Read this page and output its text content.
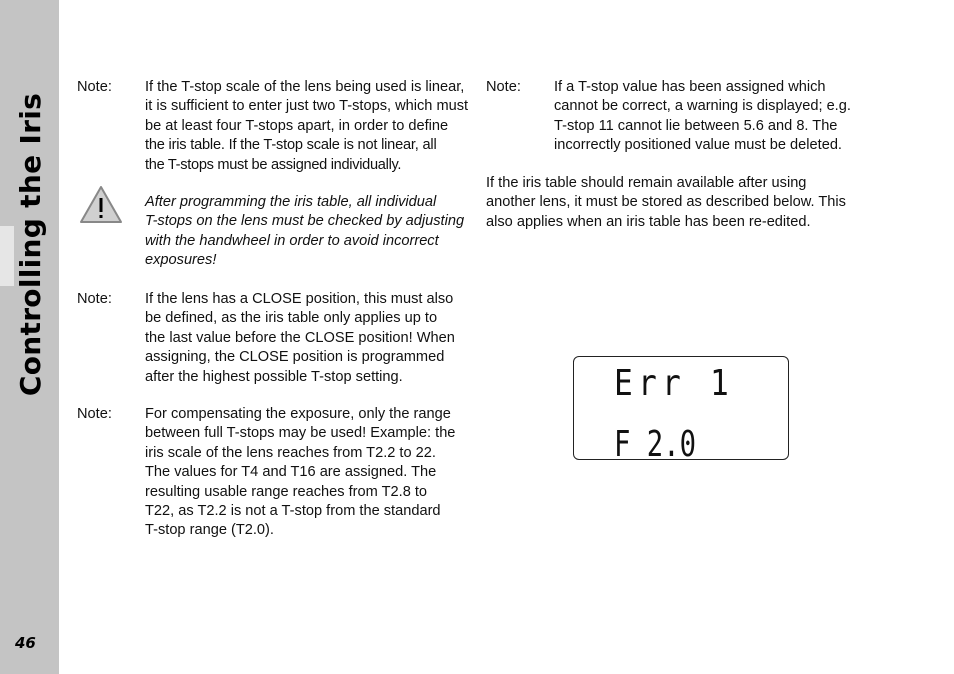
Controlling the Iris
46
Note:	If the T-stop scale of the lens being used is linear,
it is sufficient to enter just two T-stops, which must
be at least four T-stops apart, in order to define
the iris table. If the T-stop scale is not linear, all
the T-stops must be assigned individually.
After programming the iris table, all individual
T-stops on the lens must be checked by adjusting
with the handwheel in order to avoid incorrect
exposures!
Note:	If the lens has a CLOSE position, this must also
be defined, as the iris table only applies up to
the last value before the CLOSE position! When
assigning, the CLOSE position is programmed
after the highest possible T-stop setting.
Note:	For compensating the exposure, only the range
between full T-stops may be used! Example: the
iris scale of the lens reaches from T2.2 to 22.
The values for T4 and T16 are assigned. The
resulting usable range reaches from T2.8 to
T22, as T2.2 is not a T-stop from the standard
T-stop range (T2.0).
Note:	If a T-stop value has been assigned which
cannot be correct, a warning is displayed; e.g.
T-stop 11 cannot lie between 5.6 and 8. The
incorrectly positioned value must be deleted.
If the iris table should remain available after using
another lens, it must be stored as described below. This
also applies when an iris table has been re-edited.
Err 1
F 2.0
